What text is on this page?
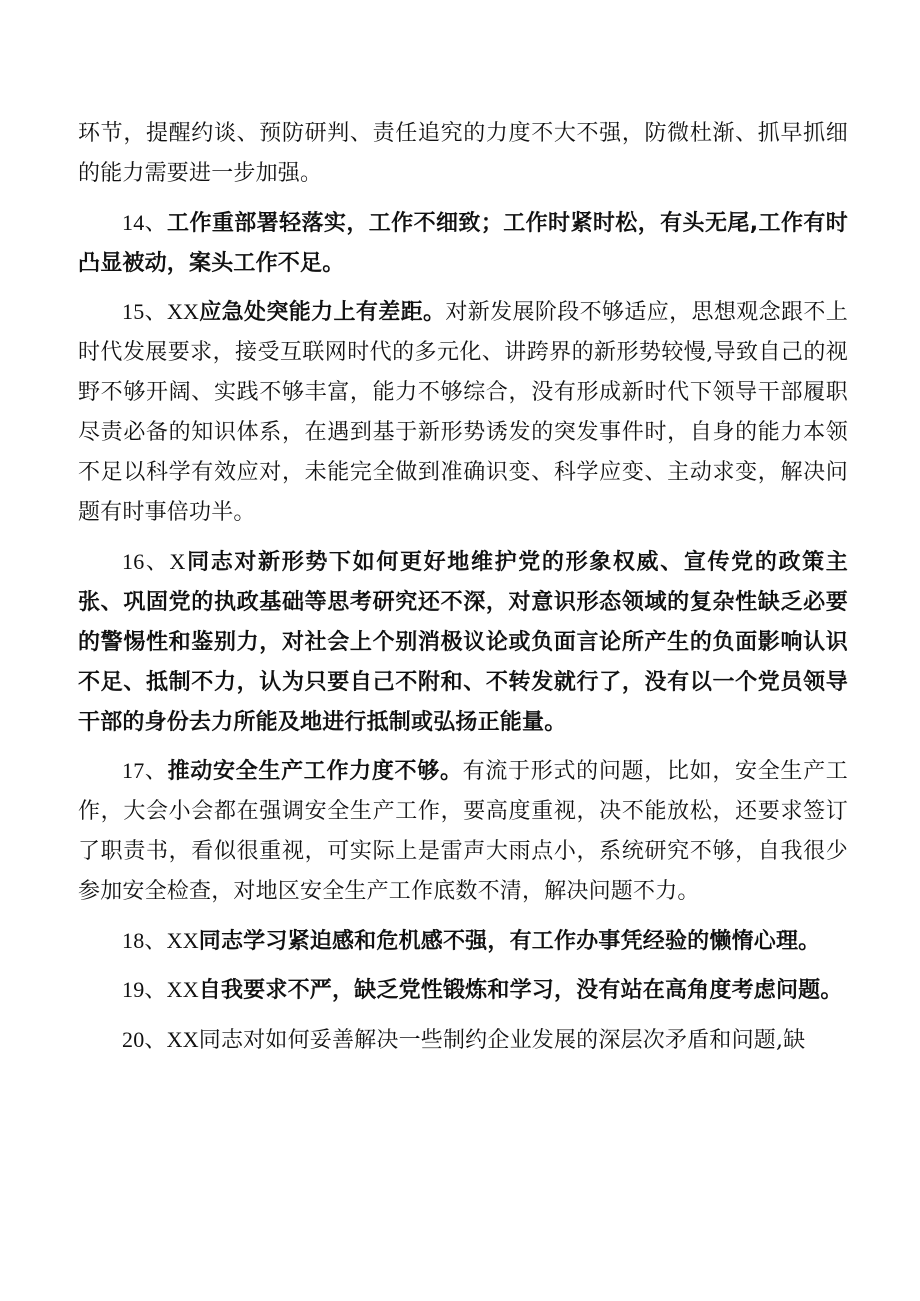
环节，提醒约谈、预防研判、责任追究的力度不大不强，防微杜渐、抓早抓细的能力需要进一步加强。

14、工作重部署轻落实，工作不细致；工作时紧时松，有头无尾,工作有时凸显被动，案头工作不足。

15、XX应急处突能力上有差距。对新发展阶段不够适应，思想观念跟不上时代发展要求，接受互联网时代的多元化、讲跨界的新形势较慢,导致自己的视野不够开阔、实践不够丰富，能力不够综合，没有形成新时代下领导干部履职尽责必备的知识体系，在遇到基于新形势诱发的突发事件时，自身的能力本领不足以科学有效应对，未能完全做到准确识变、科学应变、主动求变，解决问题有时事倍功半。

16、X同志对新形势下如何更好地维护党的形象权威、宣传党的政策主张、巩固党的执政基础等思考研究还不深，对意识形态领域的复杂性缺乏必要的警惕性和鉴别力，对社会上个别消极议论或负面言论所产生的负面影响认识不足、抵制不力，认为只要自己不附和、不转发就行了，没有以一个党员领导干部的身份去力所能及地进行抵制或弘扬正能量。

17、推动安全生产工作力度不够。有流于形式的问题，比如，安全生产工作，大会小会都在强调安全生产工作，要高度重视，决不能放松，还要求签订了职责书，看似很重视，可实际上是雷声大雨点小，系统研究不够，自我很少参加安全检查，对地区安全生产工作底数不清，解决问题不力。

18、XX同志学习紧迫感和危机感不强，有工作办事凭经验的懒惰心理。

19、XX自我要求不严，缺乏党性锻炼和学习，没有站在高角度考虑问题。

20、XX同志对如何妥善解决一些制约企业发展的深层次矛盾和问题,缺
